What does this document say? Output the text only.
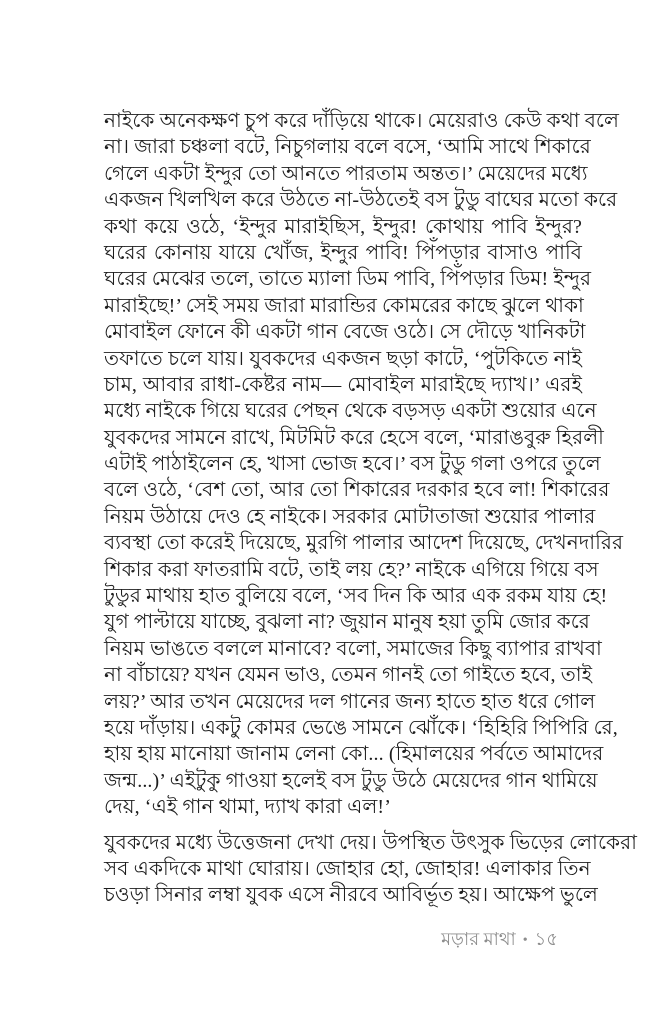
নাইকে অনেকক্ষণ চুপ করে দাঁড়িয়ে থাকে। মেয়েরাও কেউ কথা বলে
না। জারা চঞ্চলা বটে, নিচুগলায় বলে বসে, ‘আমি সাথে শিকারে
গেলে একটা ইন্দুর তো আনতে পারতাম অন্তত।’ মেয়েদের মধ্যে
একজন খিলখিল করে উঠতে না-উঠতেই বস টুডু বাঘের মতো করে
কথা কয়ে ওঠে, ‘ইন্দুর মারাইছিস, ইন্দুর! কোথায় পাবি ইন্দুর?
ঘরের কোনায় যায়ে খোঁজ, ইন্দুর পাবি! পিঁপড়ার বাসাও পাবি
ঘরের মেঝের তলে, তাতে ম্যালা ডিম পাবি, পিঁপড়ার ডিম! ইন্দুর
মারাইছে!’ সেই সময় জারা মারান্ডির কোমরের কাছে ঝুলে থাকা
মোবাইল ফোনে কী একটা গান বেজে ওঠে। সে দৌড়ে খানিকটা
তফাতে চলে যায়। যুবকদের একজন ছড়া কাটে, ‘পুটকিতে নাই
চাম, আবার রাধা-কেষ্টর নাম— মোবাইল মারাইছে দ্যাখ।’ এরই
মধ্যে নাইকে গিয়ে ঘরের পেছন থেকে বড়সড় একটা শুয়োর এনে
যুবকদের সামনে রাখে, মিটমিট করে হেসে বলে, ‘মারাঙবুরু হিরলী
এটাই পাঠাইলেন হে, খাসা ভোজ হবে।’ বস টুডু গলা ওপরে তুলে
বলে ওঠে, ‘বেশ তো, আর তো শিকারের দরকার হবে লা! শিকারের
নিয়ম উঠায়ে দেও হে নাইকে। সরকার মোটাতাজা শুয়োর পালার
ব্যবস্থা তো করেই দিয়েছে, মুরগি পালার আদেশ দিয়েছে, দেখনদারির
শিকার করা ফাতরামি বটে, তাই লয় হে?’ নাইকে এগিয়ে গিয়ে বস
টুডুর মাথায় হাত বুলিয়ে বলে, ‘সব দিন কি আর এক রকম যায় হে!
যুগ পাল্টায়ে যাচ্ছে, বুঝলা না? জুয়ান মানুষ হয়া তুমি জোর করে
নিয়ম ভাঙতে বললে মানাবে? বলো, সমাজের কিছু ব্যাপার রাখবা
না বাঁচায়ে? যখন যেমন ভাও, তেমন গানই তো গাইতে হবে, তাই
লয়?’ আর তখন মেয়েদের দল গানের জন্য হাতে হাত ধরে গোল
হয়ে দাঁড়ায়। একটু কোমর ভেঙে সামনে ঝোঁকে। ‘হিহিরি পিপিরি রে,
হায় হায় মানোয়া জানাম লেনা কো... (হিমালয়ের পর্বতে আমাদের
জন্ম...)’ এইটুকু গাওয়া হলেই বস টুডু উঠে মেয়েদের গান থামিয়ে
দেয়, ‘এই গান থামা, দ্যাখ কারা এল!’
যুবকদের মধ্যে উত্তেজনা দেখা দেয়। উপস্থিত উৎসুক ভিড়ের লোকেরা
সব একদিকে মাথা ঘোরায়। জোহার হো, জোহার! এলাকার তিন
চওড়া সিনার লম্বা যুবক এসে নীরবে আবির্ভূত হয়। আক্ষেপ ভুলে
মড়ার মাথা • ১৫
